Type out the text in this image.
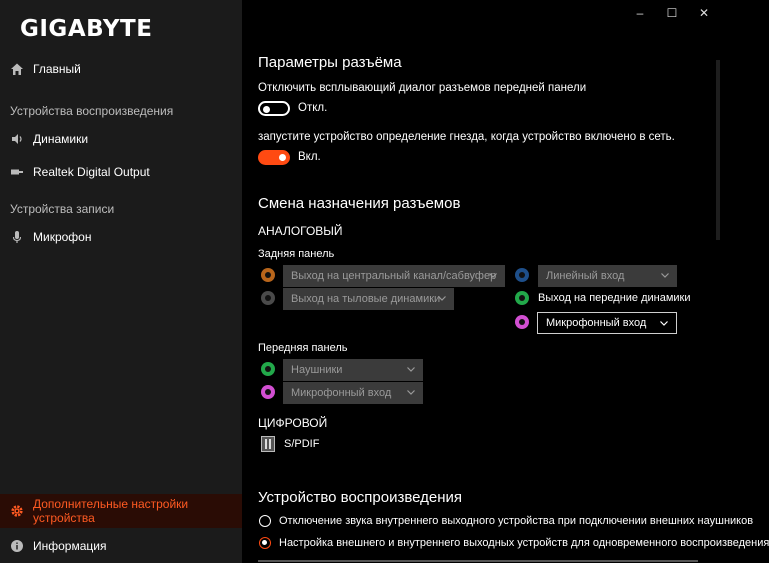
GIGABYTE
Главный
Устройства воспроизведения
Динамики
Realtek Digital Output
Устройства записи
Микрофон
Дополнительные настройки устройства
Информация
–	☐	✕
Параметры разъёма
Отключить всплывающий диалог разъемов передней панели
Откл.
запустите устройство определение гнезда, когда устройство включено в сеть.
Вкл.
Смена назначения разъемов
АНАЛОГОВЫЙ
Задняя панель
Выход на центральный канал/сабвуфер
Выход на тыловые динамики
Линейный вход
Выход на передние динамики
Микрофонный вход
Передняя панель
Наушники
Микрофонный вход
ЦИФРОВОЙ
S/PDIF
Устройство воспроизведения
Отключение звука внутреннего выходного устройства при подключении внешних наушников
Настройка внешнего и внутреннего выходных устройств для одновременного воспроизведения
